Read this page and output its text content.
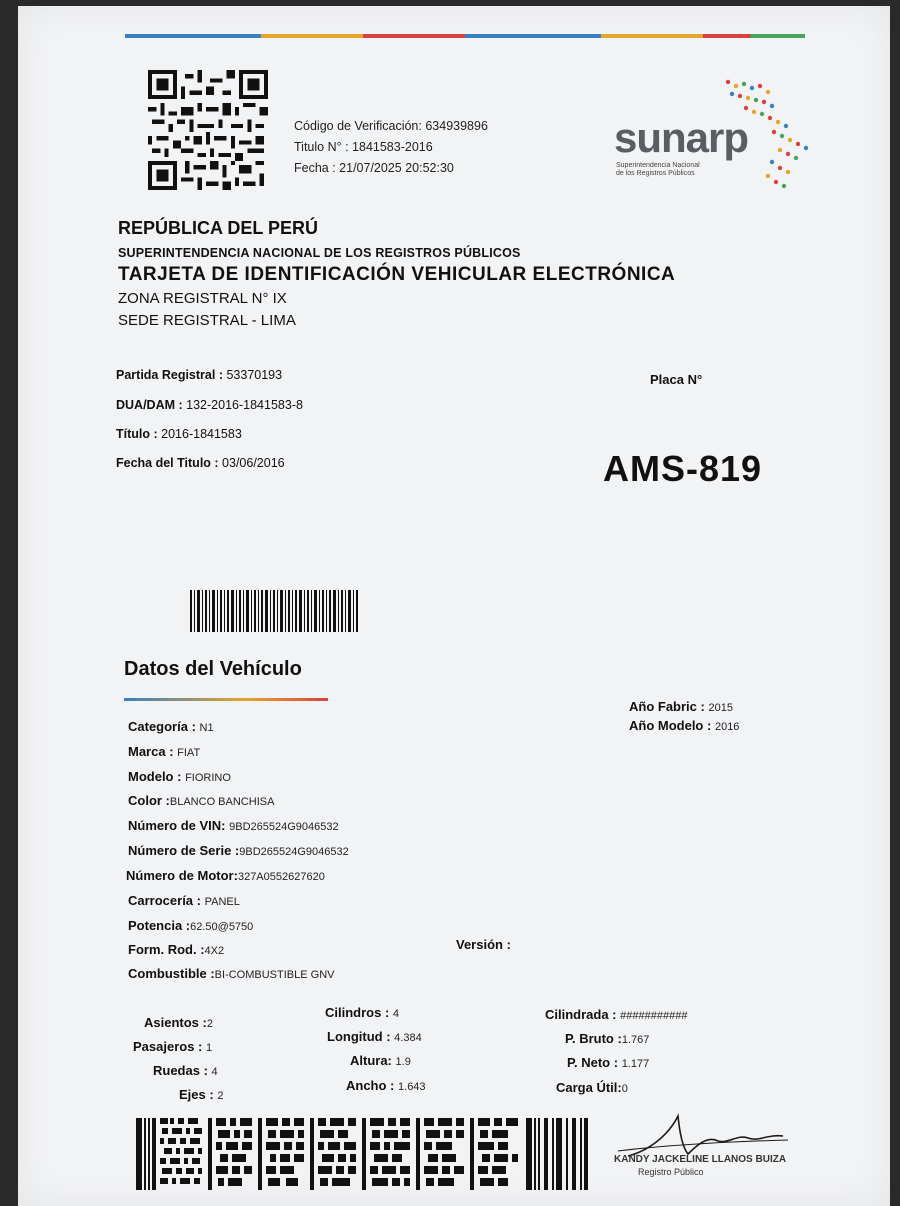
Código de Verificación: 634939896
Titulo N° : 1841583-2016
Fecha : 21/07/2025 20:52:30
sunarp
Superintendencia Nacional
de los Registros Públicos
REPÚBLICA DEL PERÚ
SUPERINTENDENCIA NACIONAL DE LOS REGISTROS PÚBLICOS
TARJETA DE IDENTIFICACIÓN VEHICULAR ELECTRÓNICA
ZONA REGISTRAL N° IX
SEDE REGISTRAL - LIMA
Partida Registral : 53370193
DUA/DAM : 132-2016-1841583-8
Título : 2016-1841583
Fecha del Titulo : 03/06/2016
Placa N°
AMS-819
Datos del Vehículo
Año Fabric : 2015
Año Modelo : 2016
Categoría : N1
Marca : FIAT
Modelo : FIORINO
Color :BLANCO BANCHISA
Número de VIN: 9BD265524G9046532
Número de Serie :9BD265524G9046532
Número de Motor:327A0552627620
Carrocería : PANEL
Potencia :62.50@5750
Form. Rod. :4X2	Versión :
Combustible :BI-COMBUSTIBLE GNV
Asientos :2
Pasajeros : 1
Ruedas : 4
Ejes : 2
Cilindros : 4
Longitud : 4.384
Altura: 1.9
Ancho : 1.643
Cilindrada : ###########
P. Bruto :1.767
P. Neto : 1.177
Carga Útil:0
KANDY JACKELINE LLANOS BUIZA
Registro Público
